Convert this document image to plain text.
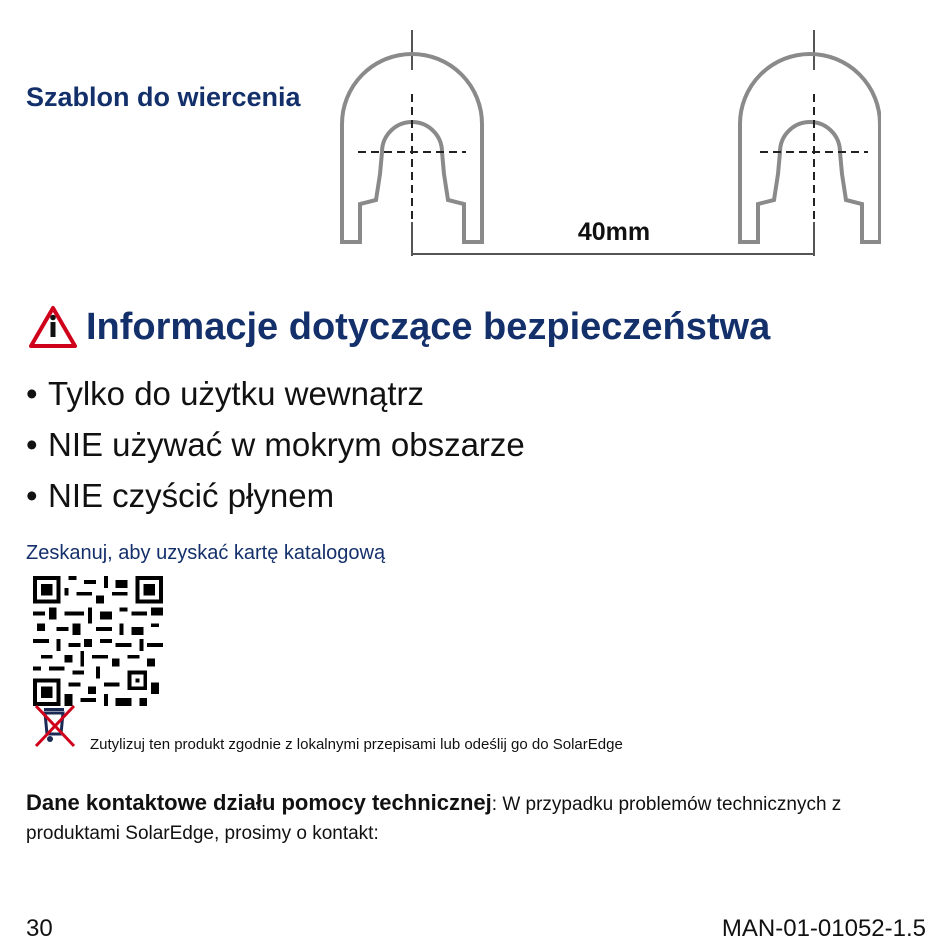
Szablon do wiercenia
40mm
Informacje dotyczące bezpieczeństwa
• Tylko do użytku wewnątrz
• NIE używać w mokrym obszarze
• NIE czyścić płynem
Zeskanuj, aby uzyskać kartę katalogową
Zutylizuj ten produkt zgodnie z lokalnymi przepisami lub odeślij go do SolarEdge
Dane kontaktowe działu pomocy technicznej: W przypadku problemów technicznych z produktami SolarEdge, prosimy o kontakt:
30	MAN-01-01052-1.5
